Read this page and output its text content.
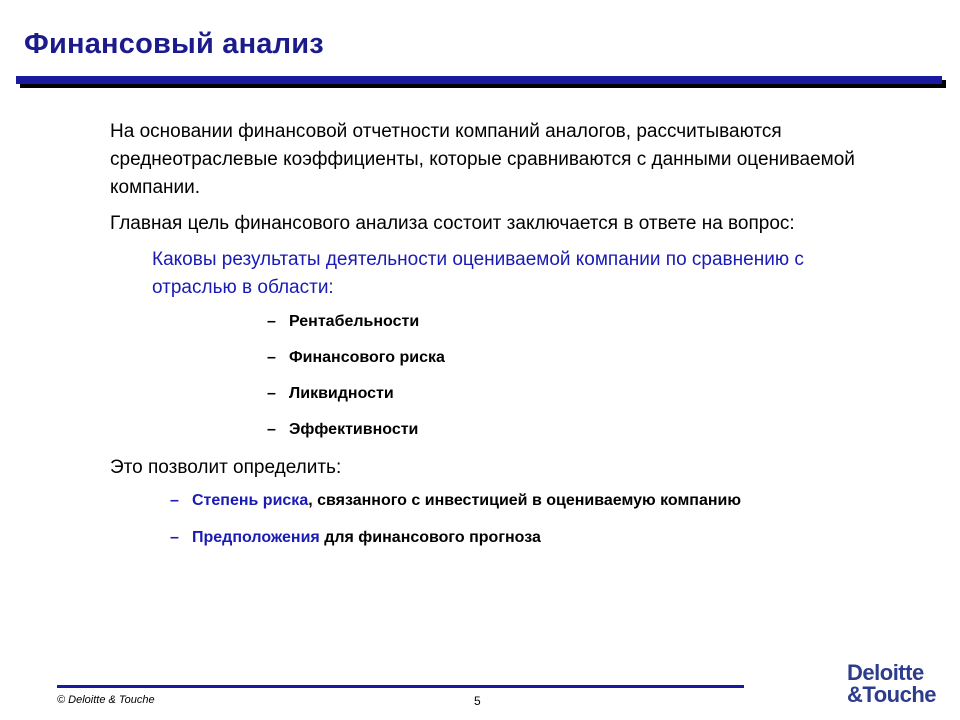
Финансовый анализ

На основании финансовой отчетности компаний аналогов, рассчитываются среднеотраслевые коэффициенты, которые сравниваются с данными оцениваемой компании.

Главная цель финансового анализа состоит заключается в ответе на вопрос:

Каковы результаты деятельности оцениваемой компании по сравнению с отраслью в области:

– Рентабельности
– Финансового риска
– Ликвидности
– Эффективности

Это позволит определить:

– Степень риска, связанного с инвестицией в оцениваемую компанию
– Предположения для финансового прогноза
© Deloitte & Touche	5
Deloitte
&Touche
